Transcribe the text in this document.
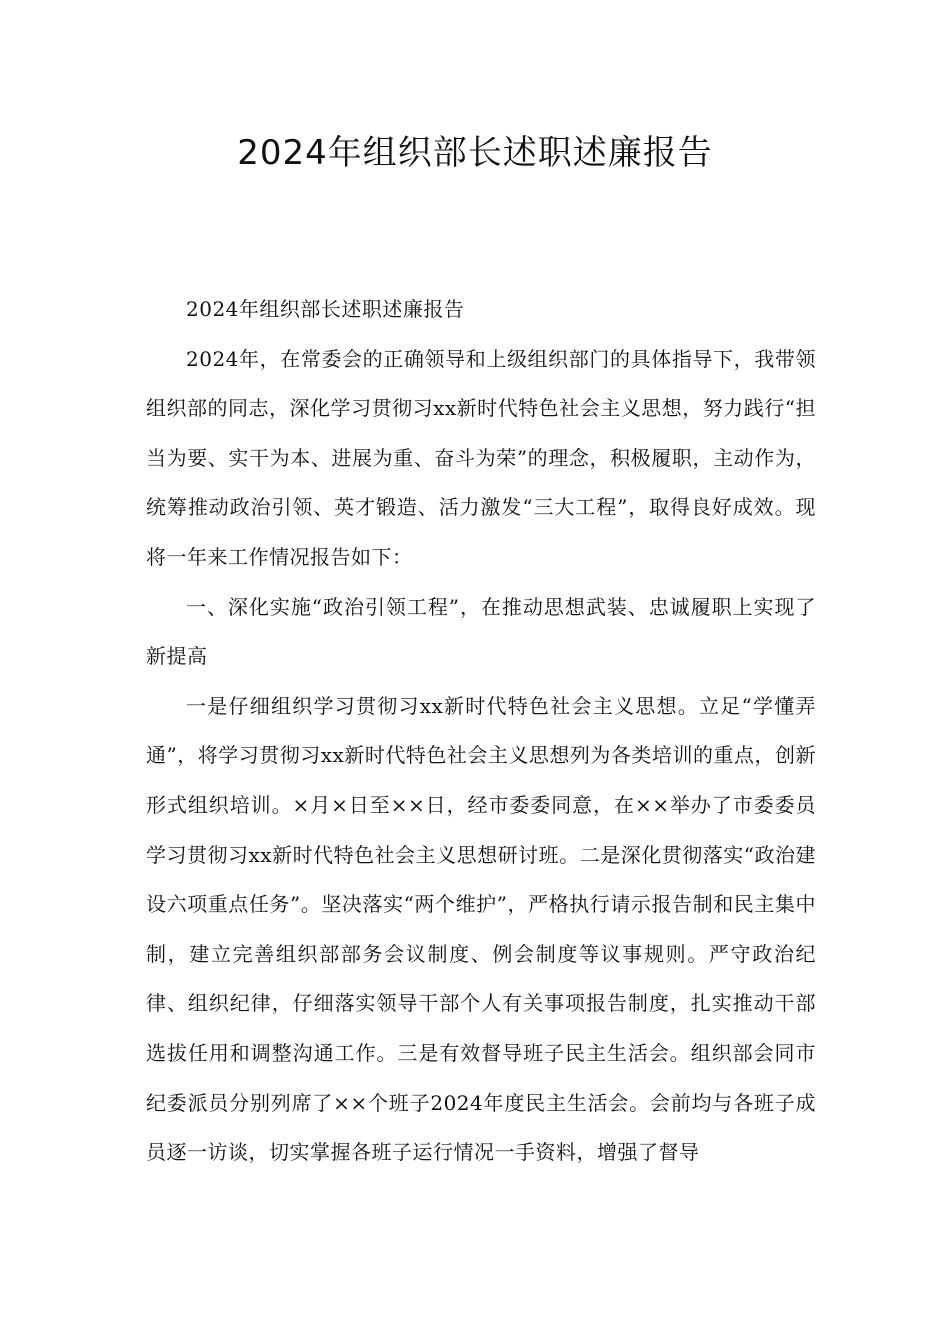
2024年组织部长述职述廉报告

2024年组织部长述职述廉报告

2024年，在常委会的正确领导和上级组织部门的具体指导下，我带领组织部的同志，深化学习贯彻习xx新时代特色社会主义思想，努力践行“担当为要、实干为本、进展为重、奋斗为荣”的理念，积极履职，主动作为，统筹推动政治引领、英才锻造、活力激发“三大工程”，取得良好成效。现将一年来工作情况报告如下：

一、深化实施“政治引领工程”，在推动思想武装、忠诚履职上实现了新提高

一是仔细组织学习贯彻习xx新时代特色社会主义思想。立足“学懂弄通”，将学习贯彻习xx新时代特色社会主义思想列为各类培训的重点，创新形式组织培训。×月×日至××日，经市委委同意，在××举办了市委委员学习贯彻习xx新时代特色社会主义思想研讨班。二是深化贯彻落实“政治建设六项重点任务”。坚决落实“两个维护”，严格执行请示报告制和民主集中制，建立完善组织部部务会议制度、例会制度等议事规则。严守政治纪律、组织纪律，仔细落实领导干部个人有关事项报告制度，扎实推动干部选拔任用和调整沟通工作。三是有效督导班子民主生活会。组织部会同市纪委派员分别列席了××个班子2024年度民主生活会。会前均与各班子成员逐一访谈，切实掌握各班子运行情况一手资料，增强了督导
